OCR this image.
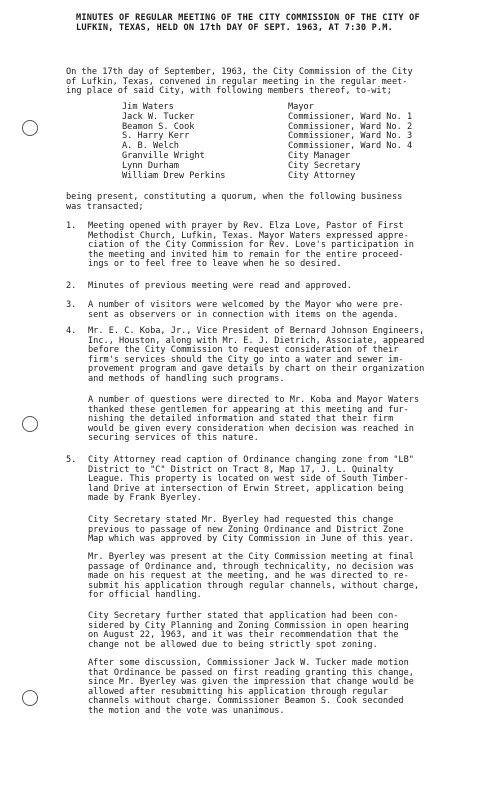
MINUTES OF REGULAR MEETING OF THE CITY COMMISSION OF THE CITY OF
LUFKIN, TEXAS, HELD ON 17th DAY OF SEPT. 1963, AT 7:30 P.M.
On the 17th day of September, 1963, the City Commission of the City
of Lufkin, Texas, convened in regular meeting in the regular meet-
ing place of said City, with following members thereof, to-wit;
Jim Waters	Mayor
Jack W. Tucker	Commissioner, Ward No. 1
Beamon S. Cook	Commissioner, Ward No. 2
S. Harry Kerr	Commissioner, Ward No. 3
A. B. Welch	Commissioner, Ward No. 4
Granville Wright	City Manager
Lynn Durham	City Secretary
William Drew Perkins	City Attorney
being present, constituting a quorum, when the following business
was transacted;
1.	Meeting opened with prayer by Rev. Elza Love, Pastor of First
Methodist Church, Lufkin, Texas. Mayor Waters expressed appre-
ciation of the City Commission for Rev. Love's participation in
the meeting and invited him to remain for the entire proceed-
ings or to feel free to leave when he so desired.
2.	Minutes of previous meeting were read and approved.
3.	A number of visitors were welcomed by the Mayor who were pre-
sent as observers or in connection with items on the agenda.
4.	Mr. E. C. Koba, Jr., Vice President of Bernard Johnson Engineers,
Inc., Houston, along with Mr. E. J. Dietrich, Associate, appeared
before the City Commission to request consideration of their
firm's services should the City go into a water and sewer im-
provement program and gave details by chart on their organization
and methods of handling such programs.
A number of questions were directed to Mr. Koba and Mayor Waters
thanked these gentlemen for appearing at this meeting and fur-
nishing the detailed information and stated that their firm
would be given every consideration when decision was reached in
securing services of this nature.
5.	City Attorney read caption of Ordinance changing zone from "LB"
District to "C" District on Tract 8, Map 17, J. L. Quinalty
League. This property is located on west side of South Timber-
land Drive at intersection of Erwin Street, application being
made by Frank Byerley.
City Secretary stated Mr. Byerley had requested this change
previous to passage of new Zoning Ordinance and District Zone
Map which was approved by City Commission in June of this year.
Mr. Byerley was present at the City Commission meeting at final
passage of Ordinance and, through technicality, no decision was
made on his request at the meeting, and he was directed to re-
submit his application through regular channels, without charge,
for official handling.
City Secretary further stated that application had been con-
sidered by City Planning and Zoning Commission in open hearing
on August 22, 1963, and it was their recommendation that the
change not be allowed due to being strictly spot zoning.
After some discussion, Commissioner Jack W. Tucker made motion
that Ordinance be passed on first reading granting this change,
since Mr. Byerley was given the impression that change would be
allowed after resubmitting his application through regular
channels without charge. Commissioner Beamon S. Cook seconded
the motion and the vote was unanimous.
